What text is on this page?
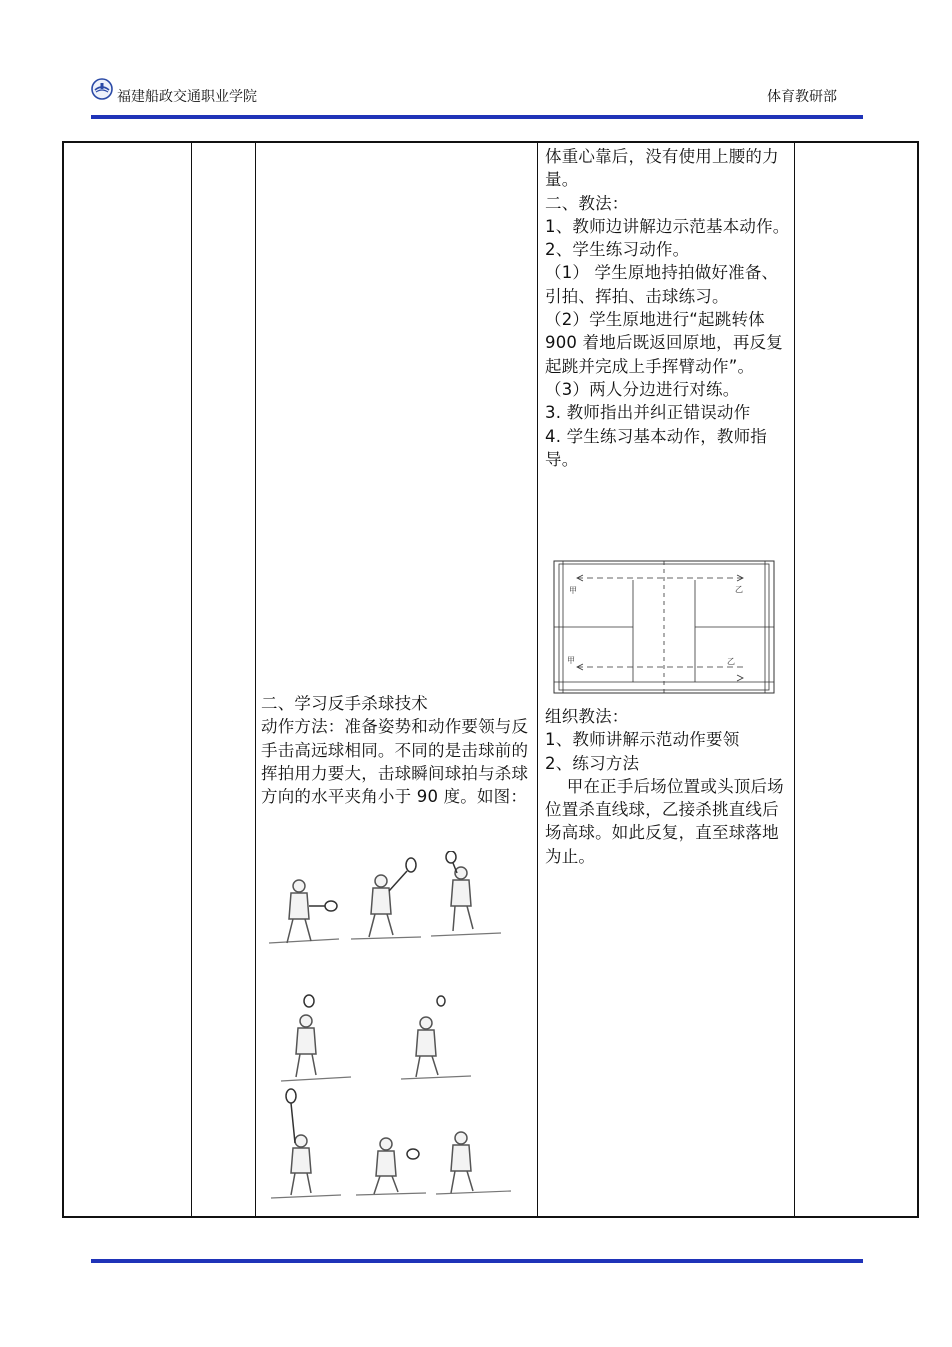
福建船政交通职业学院	体育教研部

体重心靠后，没有使用上腰的力量。

二、教法：

1、教师边讲解边示范基本动作。

2、学生练习动作。

（1） 学生原地持拍做好准备、引拍、挥拍、击球练习。

（2）学生原地进行“起跳转体 900 着地后既返回原地，再反复起跳并完成上手挥臂动作”。

（3）两人分边进行对练。

3. 教师指出并纠正错误动作

4. 学生练习基本动作，教师指导。

甲	乙
甲	乙

二、学习反手杀球技术

动作方法：准备姿势和动作要领与反手击高远球相同。不同的是击球前的  挥拍用力要大，击球瞬间球拍与杀球方向的水平夹角小于 90 度。如图：

组织教法：

1、教师讲解示范动作要领

2、练习方法

甲在正手后场位置或头顶后场位置杀直线球，乙接杀挑直线后场高球。如此反复，直至球落地为止。
